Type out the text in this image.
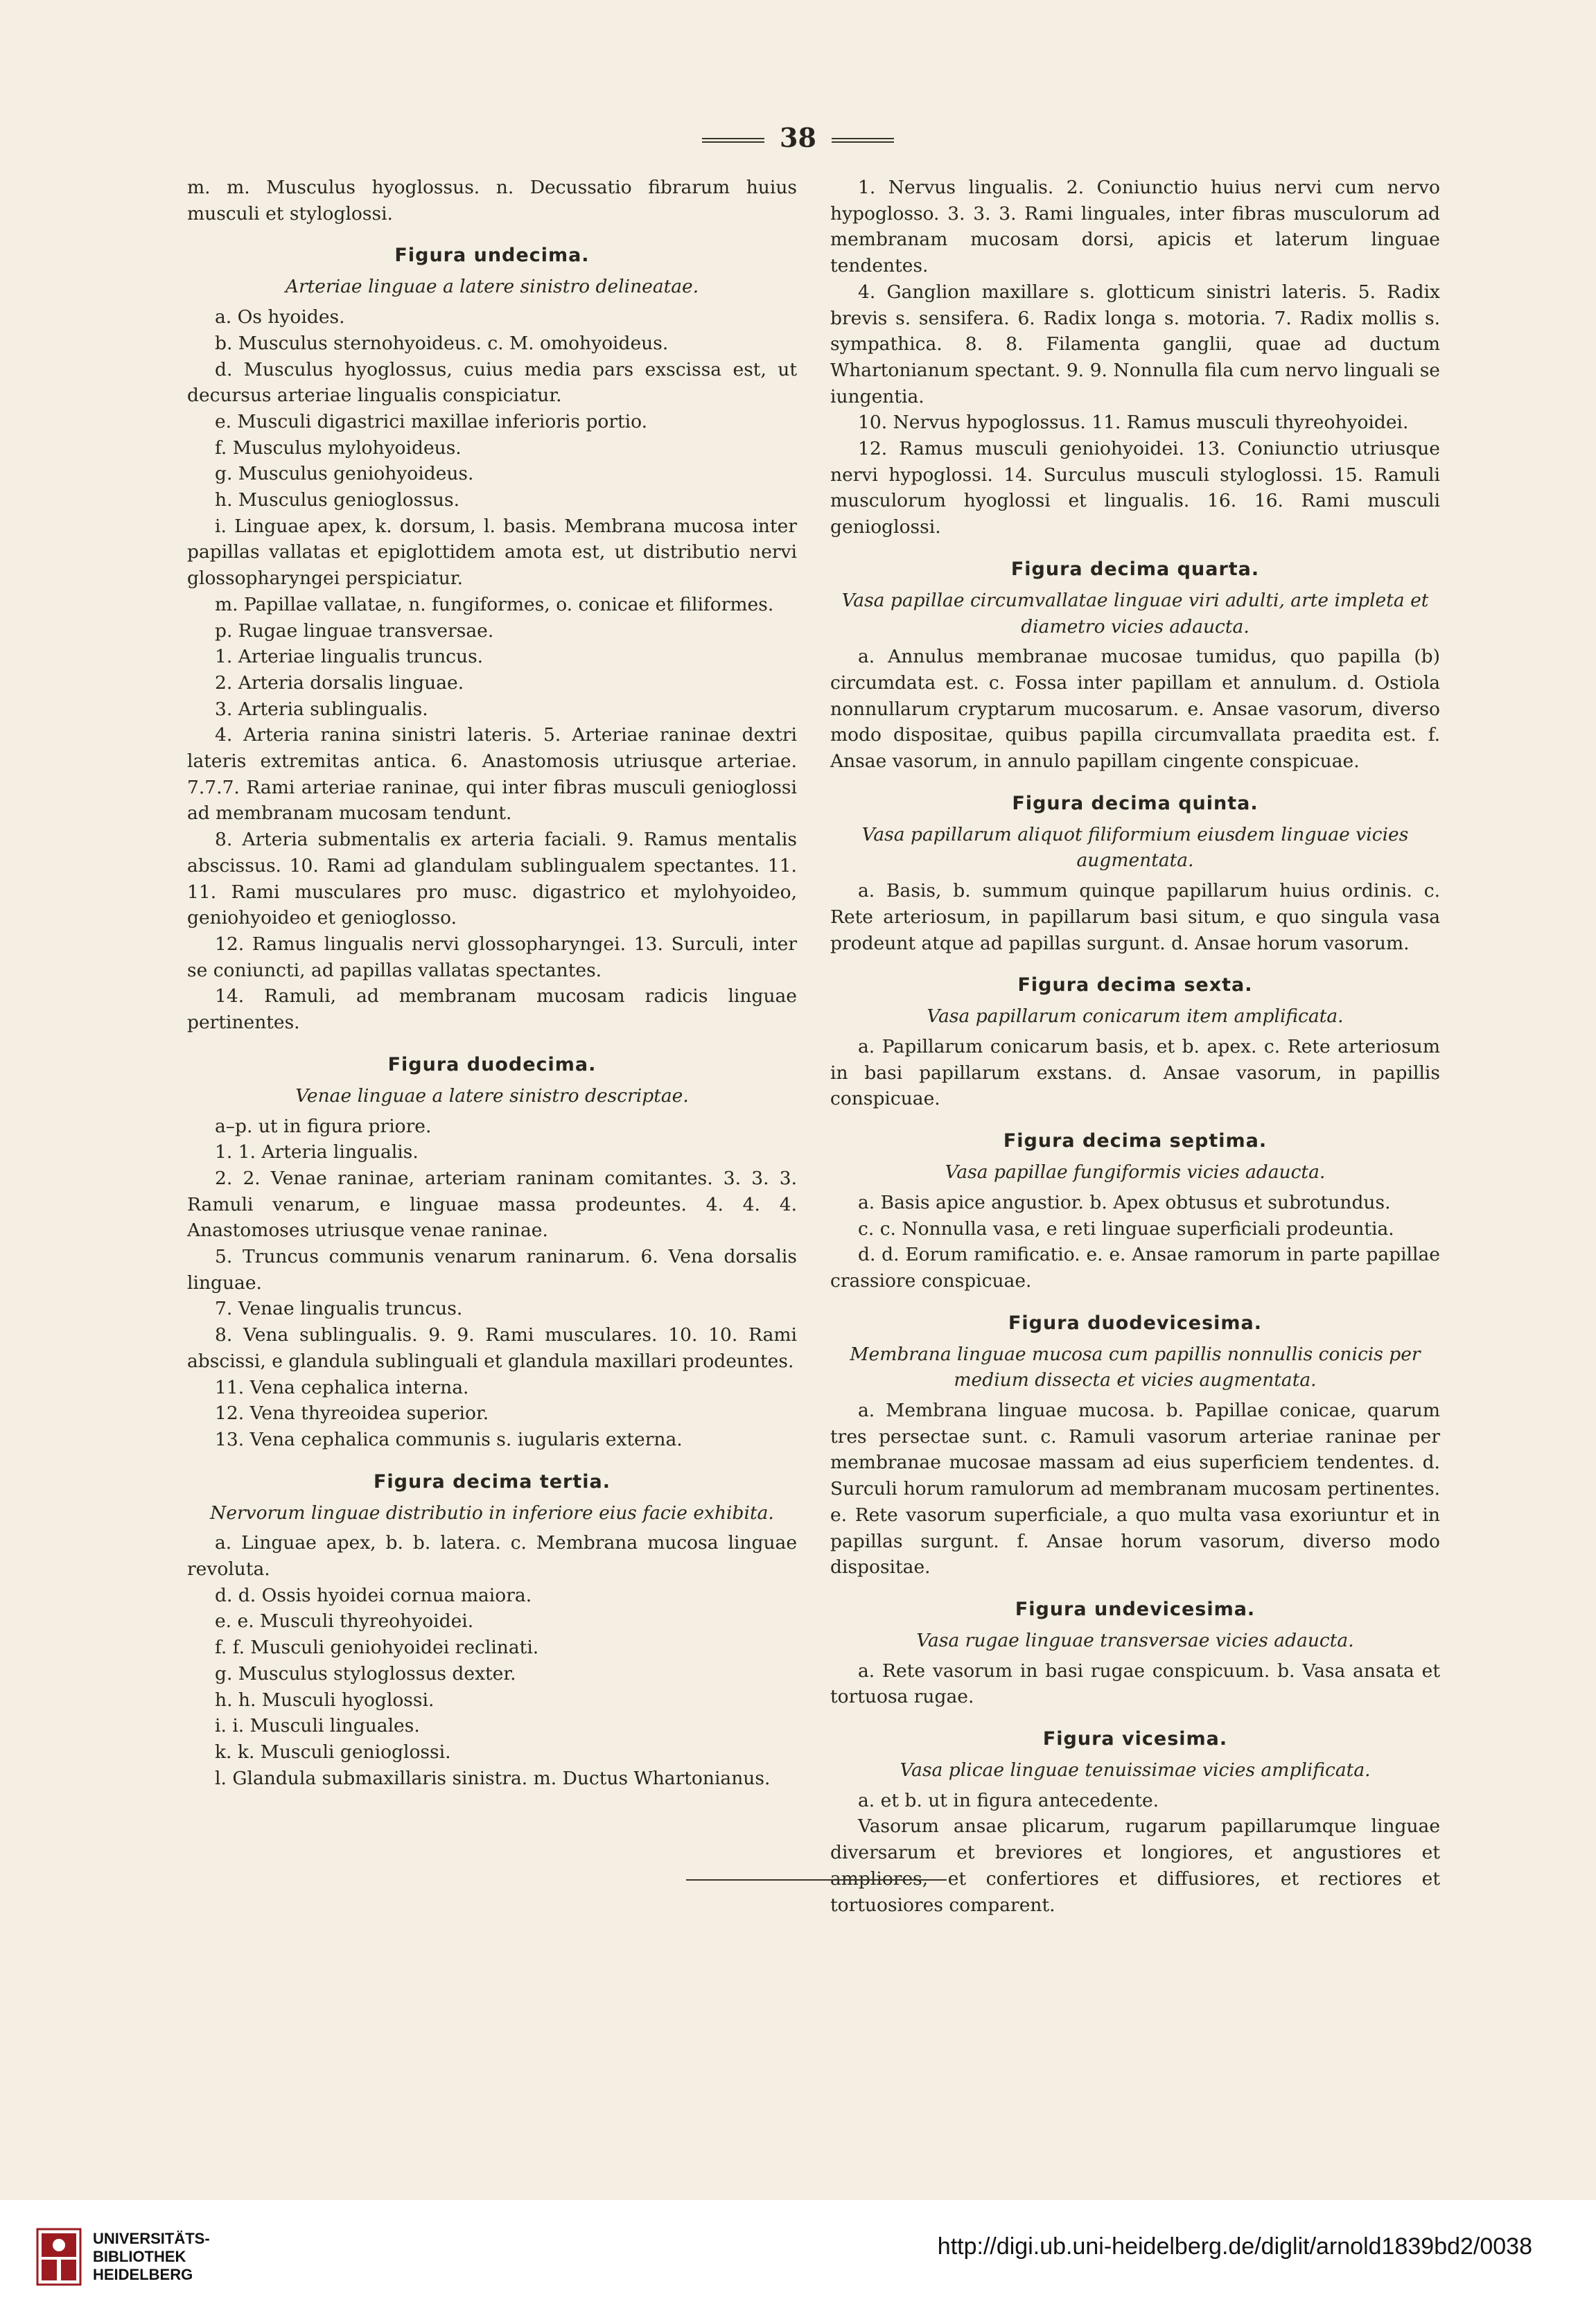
38

m. m. Musculus hyoglossus. n. Decussatio fibrarum huius musculi et styloglossi.

Figura undecima.

Arteriae linguae a latere sinistro delineatae.

a. Os hyoides.

b. Musculus sternohyoideus. c. M. omohyoideus.

d. Musculus hyoglossus, cuius media pars exscissa est, ut decursus arteriae lingualis conspiciatur.

e. Musculi digastrici maxillae inferioris portio.

f. Musculus mylohyoideus.

g. Musculus geniohyoideus.

h. Musculus genioglossus.

i. Linguae apex, k. dorsum, l. basis. Membrana mucosa inter papillas vallatas et epiglottidem amota est, ut distributio nervi glossopharyngei perspiciatur.

m. Papillae vallatae, n. fungiformes, o. conicae et filiformes.

p. Rugae linguae transversae.

1. Arteriae lingualis truncus.

2. Arteria dorsalis linguae.

3. Arteria sublingualis.

4. Arteria ranina sinistri lateris. 5. Arteriae raninae dextri lateris extremitas antica. 6. Anastomosis utriusque arteriae. 7.7.7. Rami arteriae raninae, qui inter fibras musculi genioglossi ad membranam mucosam tendunt.

8. Arteria submentalis ex arteria faciali. 9. Ramus mentalis abscissus. 10. Rami ad glandulam sublingualem spectantes. 11. 11. Rami musculares pro musc. digastrico et mylohyoideo, geniohyoideo et genioglosso.

12. Ramus lingualis nervi glossopharyngei. 13. Surculi, inter se coniuncti, ad papillas vallatas spectantes.

14. Ramuli, ad membranam mucosam radicis linguae pertinentes.

Figura duodecima.

Venae linguae a latere sinistro descriptae.

a–p. ut in figura priore.

1. 1. Arteria lingualis.

2. 2. Venae raninae, arteriam raninam comitantes. 3. 3. 3. Ramuli venarum, e linguae massa prodeuntes. 4. 4. 4. Anastomoses utriusque venae raninae.

5. Truncus communis venarum raninarum. 6. Vena dorsalis linguae.

7. Venae lingualis truncus.

8. Vena sublingualis. 9. 9. Rami musculares. 10. 10. Rami abscissi, e glandula sublinguali et glandula maxillari prodeuntes.

11. Vena cephalica interna.

12. Vena thyreoidea superior.

13. Vena cephalica communis s. iugularis externa.

Figura decima tertia.

Nervorum linguae distributio in inferiore eius facie exhibita.

a. Linguae apex, b. b. latera. c. Membrana mucosa linguae revoluta.

d. d. Ossis hyoidei cornua maiora.

e. e. Musculi thyreohyoidei.

f. f. Musculi geniohyoidei reclinati.

g. Musculus styloglossus dexter.

h. h. Musculi hyoglossi.

i. i. Musculi linguales.

k. k. Musculi genioglossi.

l. Glandula submaxillaris sinistra. m. Ductus Whartonianus.

1. Nervus lingualis. 2. Coniunctio huius nervi cum nervo hypoglosso. 3. 3. 3. Rami linguales, inter fibras musculorum ad membranam mucosam dorsi, apicis et laterum linguae tendentes.

4. Ganglion maxillare s. glotticum sinistri lateris. 5. Radix brevis s. sensifera. 6. Radix longa s. motoria. 7. Radix mollis s. sympathica. 8. 8. Filamenta ganglii, quae ad ductum Whartonianum spectant. 9. 9. Nonnulla fila cum nervo linguali se iungentia.

10. Nervus hypoglossus. 11. Ramus musculi thyreohyoidei.

12. Ramus musculi geniohyoidei. 13. Coniunctio utriusque nervi hypoglossi. 14. Surculus musculi styloglossi. 15. Ramuli musculorum hyoglossi et lingualis. 16. 16. Rami musculi genioglossi.

Figura decima quarta.

Vasa papillae circumvallatae linguae viri adulti, arte impleta et diametro vicies adaucta.

a. Annulus membranae mucosae tumidus, quo papilla (b) circumdata est. c. Fossa inter papillam et annulum. d. Ostiola nonnullarum cryptarum mucosarum. e. Ansae vasorum, diverso modo dispositae, quibus papilla circumvallata praedita est. f. Ansae vasorum, in annulo papillam cingente conspicuae.

Figura decima quinta.

Vasa papillarum aliquot filiformium eiusdem linguae vicies augmentata.

a. Basis, b. summum quinque papillarum huius ordinis. c. Rete arteriosum, in papillarum basi situm, e quo singula vasa prodeunt atque ad papillas surgunt. d. Ansae horum vasorum.

Figura decima sexta.

Vasa papillarum conicarum item amplificata.

a. Papillarum conicarum basis, et b. apex. c. Rete arteriosum in basi papillarum exstans. d. Ansae vasorum, in papillis conspicuae.

Figura decima septima.

Vasa papillae fungiformis vicies adaucta.

a. Basis apice angustior. b. Apex obtusus et subrotundus.

c. c. Nonnulla vasa, e reti linguae superficiali prodeuntia.

d. d. Eorum ramificatio. e. e. Ansae ramorum in parte papillae crassiore conspicuae.

Figura duodevicesima.

Membrana linguae mucosa cum papillis nonnullis conicis per medium dissecta et vicies augmentata.

a. Membrana linguae mucosa. b. Papillae conicae, quarum tres persectae sunt. c. Ramuli vasorum arteriae raninae per membranae mucosae massam ad eius superficiem tendentes. d. Surculi horum ramulorum ad membranam mucosam pertinentes. e. Rete vasorum superficiale, a quo multa vasa exoriuntur et in papillas surgunt. f. Ansae horum vasorum, diverso modo dispositae.

Figura undevicesima.

Vasa rugae linguae transversae vicies adaucta.

a. Rete vasorum in basi rugae conspicuum. b. Vasa ansata et tortuosa rugae.

Figura vicesima.

Vasa plicae linguae tenuissimae vicies amplificata.

a. et b. ut in figura antecedente.

Vasorum ansae plicarum, rugarum papillarumque linguae diversarum et breviores et longiores, et angustiores et ampliores, et confertiores et diffusiores, et rectiores et tortuosiores comparent.

UNIVERSITÄTS-
BIBLIOTHEK
HEIDELBERG
http://digi.ub.uni-heidelberg.de/diglit/arnold1839bd2/0038
